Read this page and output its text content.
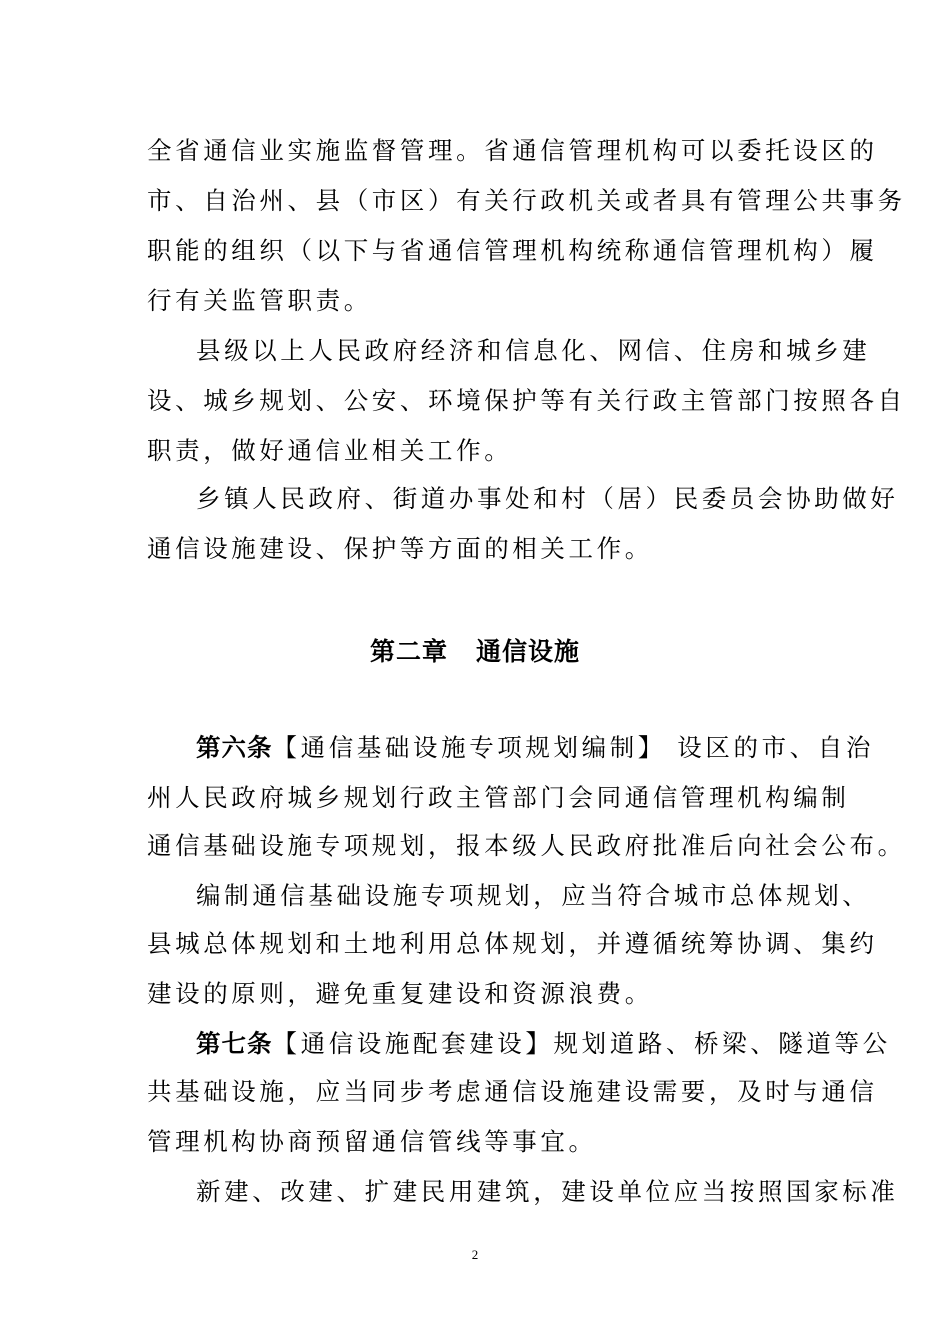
全省通信业实施监督管理。省通信管理机构可以委托设区的
市、自治州、县（市区）有关行政机关或者具有管理公共事务
职能的组织（以下与省通信管理机构统称通信管理机构）履
行有关监管职责。
县级以上人民政府经济和信息化、网信、住房和城乡建
设、城乡规划、公安、环境保护等有关行政主管部门按照各自
职责，做好通信业相关工作。
乡镇人民政府、街道办事处和村（居）民委员会协助做好
通信设施建设、保护等方面的相关工作。
第二章 通信设施
第六条【通信基础设施专项规划编制】 设区的市、自治
州人民政府城乡规划行政主管部门会同通信管理机构编制
通信基础设施专项规划，报本级人民政府批准后向社会公布。
编制通信基础设施专项规划，应当符合城市总体规划、
县城总体规划和土地利用总体规划，并遵循统筹协调、集约
建设的原则，避免重复建设和资源浪费。
第七条【通信设施配套建设】规划道路、桥梁、隧道等公
共基础设施，应当同步考虑通信设施建设需要，及时与通信
管理机构协商预留通信管线等事宜。
新建、改建、扩建民用建筑，建设单位应当按照国家标准
2
